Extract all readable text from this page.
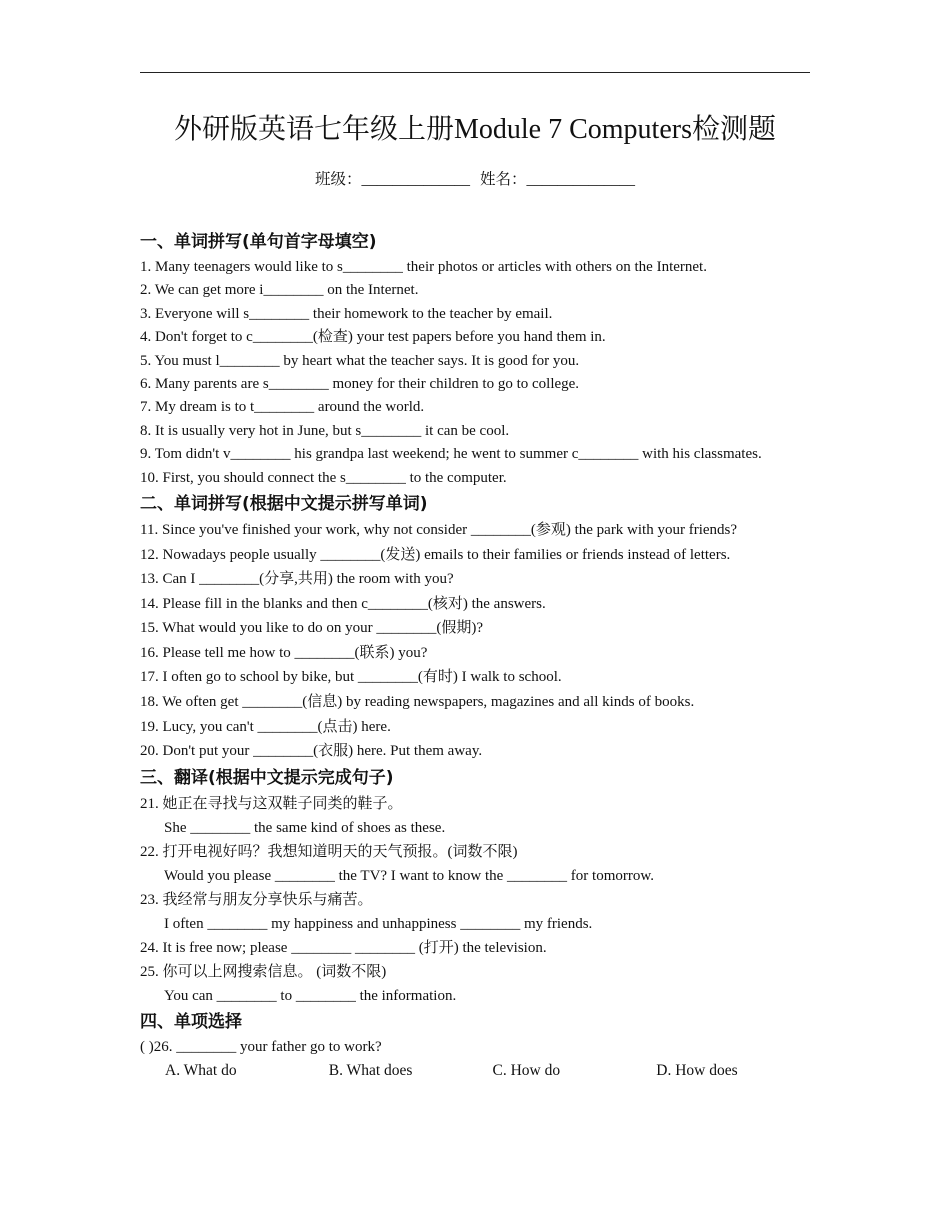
外研版英语七年级上册Module 7 Computers检测题
班级：______________ 姓名：______________
一、单词拼写(单句首字母填空)
1. Many teenagers would like to s________ their photos or articles with others on the Internet.
2. We can get more i________ on the Internet.
3. Everyone will s________ their homework to the teacher by email.
4. Don't forget to c________(检查) your test papers before you hand them in.
5. You must l________ by heart what the teacher says. It is good for you.
6. Many parents are s________ money for their children to go to college.
7. My dream is to t________ around the world.
8. It is usually very hot in June, but s________ it can be cool.
9. Tom didn't v________ his grandpa last weekend; he went to summer c________ with his classmates.
10. First, you should connect the s________ to the computer.
二、单词拼写(根据中文提示拼写单词)
11. Since you've finished your work, why not consider ________(参观) the park with your friends?
12. Nowadays people usually ________(发送) emails to their families or friends instead of letters.
13. Can I ________(分享,共用) the room with you?
14. Please fill in the blanks and then c________(核对) the answers.
15. What would you like to do on your ________(假期)?
16. Please tell me how to ________(联系) you?
17. I often go to school by bike, but ________(有时) I walk to school.
18. We often get ________(信息) by reading newspapers, magazines and all kinds of books.
19. Lucy, you can't ________(点击) here.
20. Don't put your ________(衣服) here. Put them away.
三、翻译(根据中文提示完成句子)
21. 她正在寻找与这双鞋子同类的鞋子。
She ________ the same kind of shoes as these.
22. 打开电视好吗？我想知道明天的天气预报。(词数不限)
Would you please ________ the TV? I want to know the ________ for tomorrow.
23. 我经常与朋友分享快乐与痛苦。
I often ________ my happiness and unhappiness ________ my friends.
24. It is free now; please ________ ________ (打开) the television.
25. 你可以上网搜索信息。 (词数不限)
You can ________ to ________ the information.
四、单项选择
( )26. ________ your father go to work?
A. What do	B. What does	C. How do	D. How does
